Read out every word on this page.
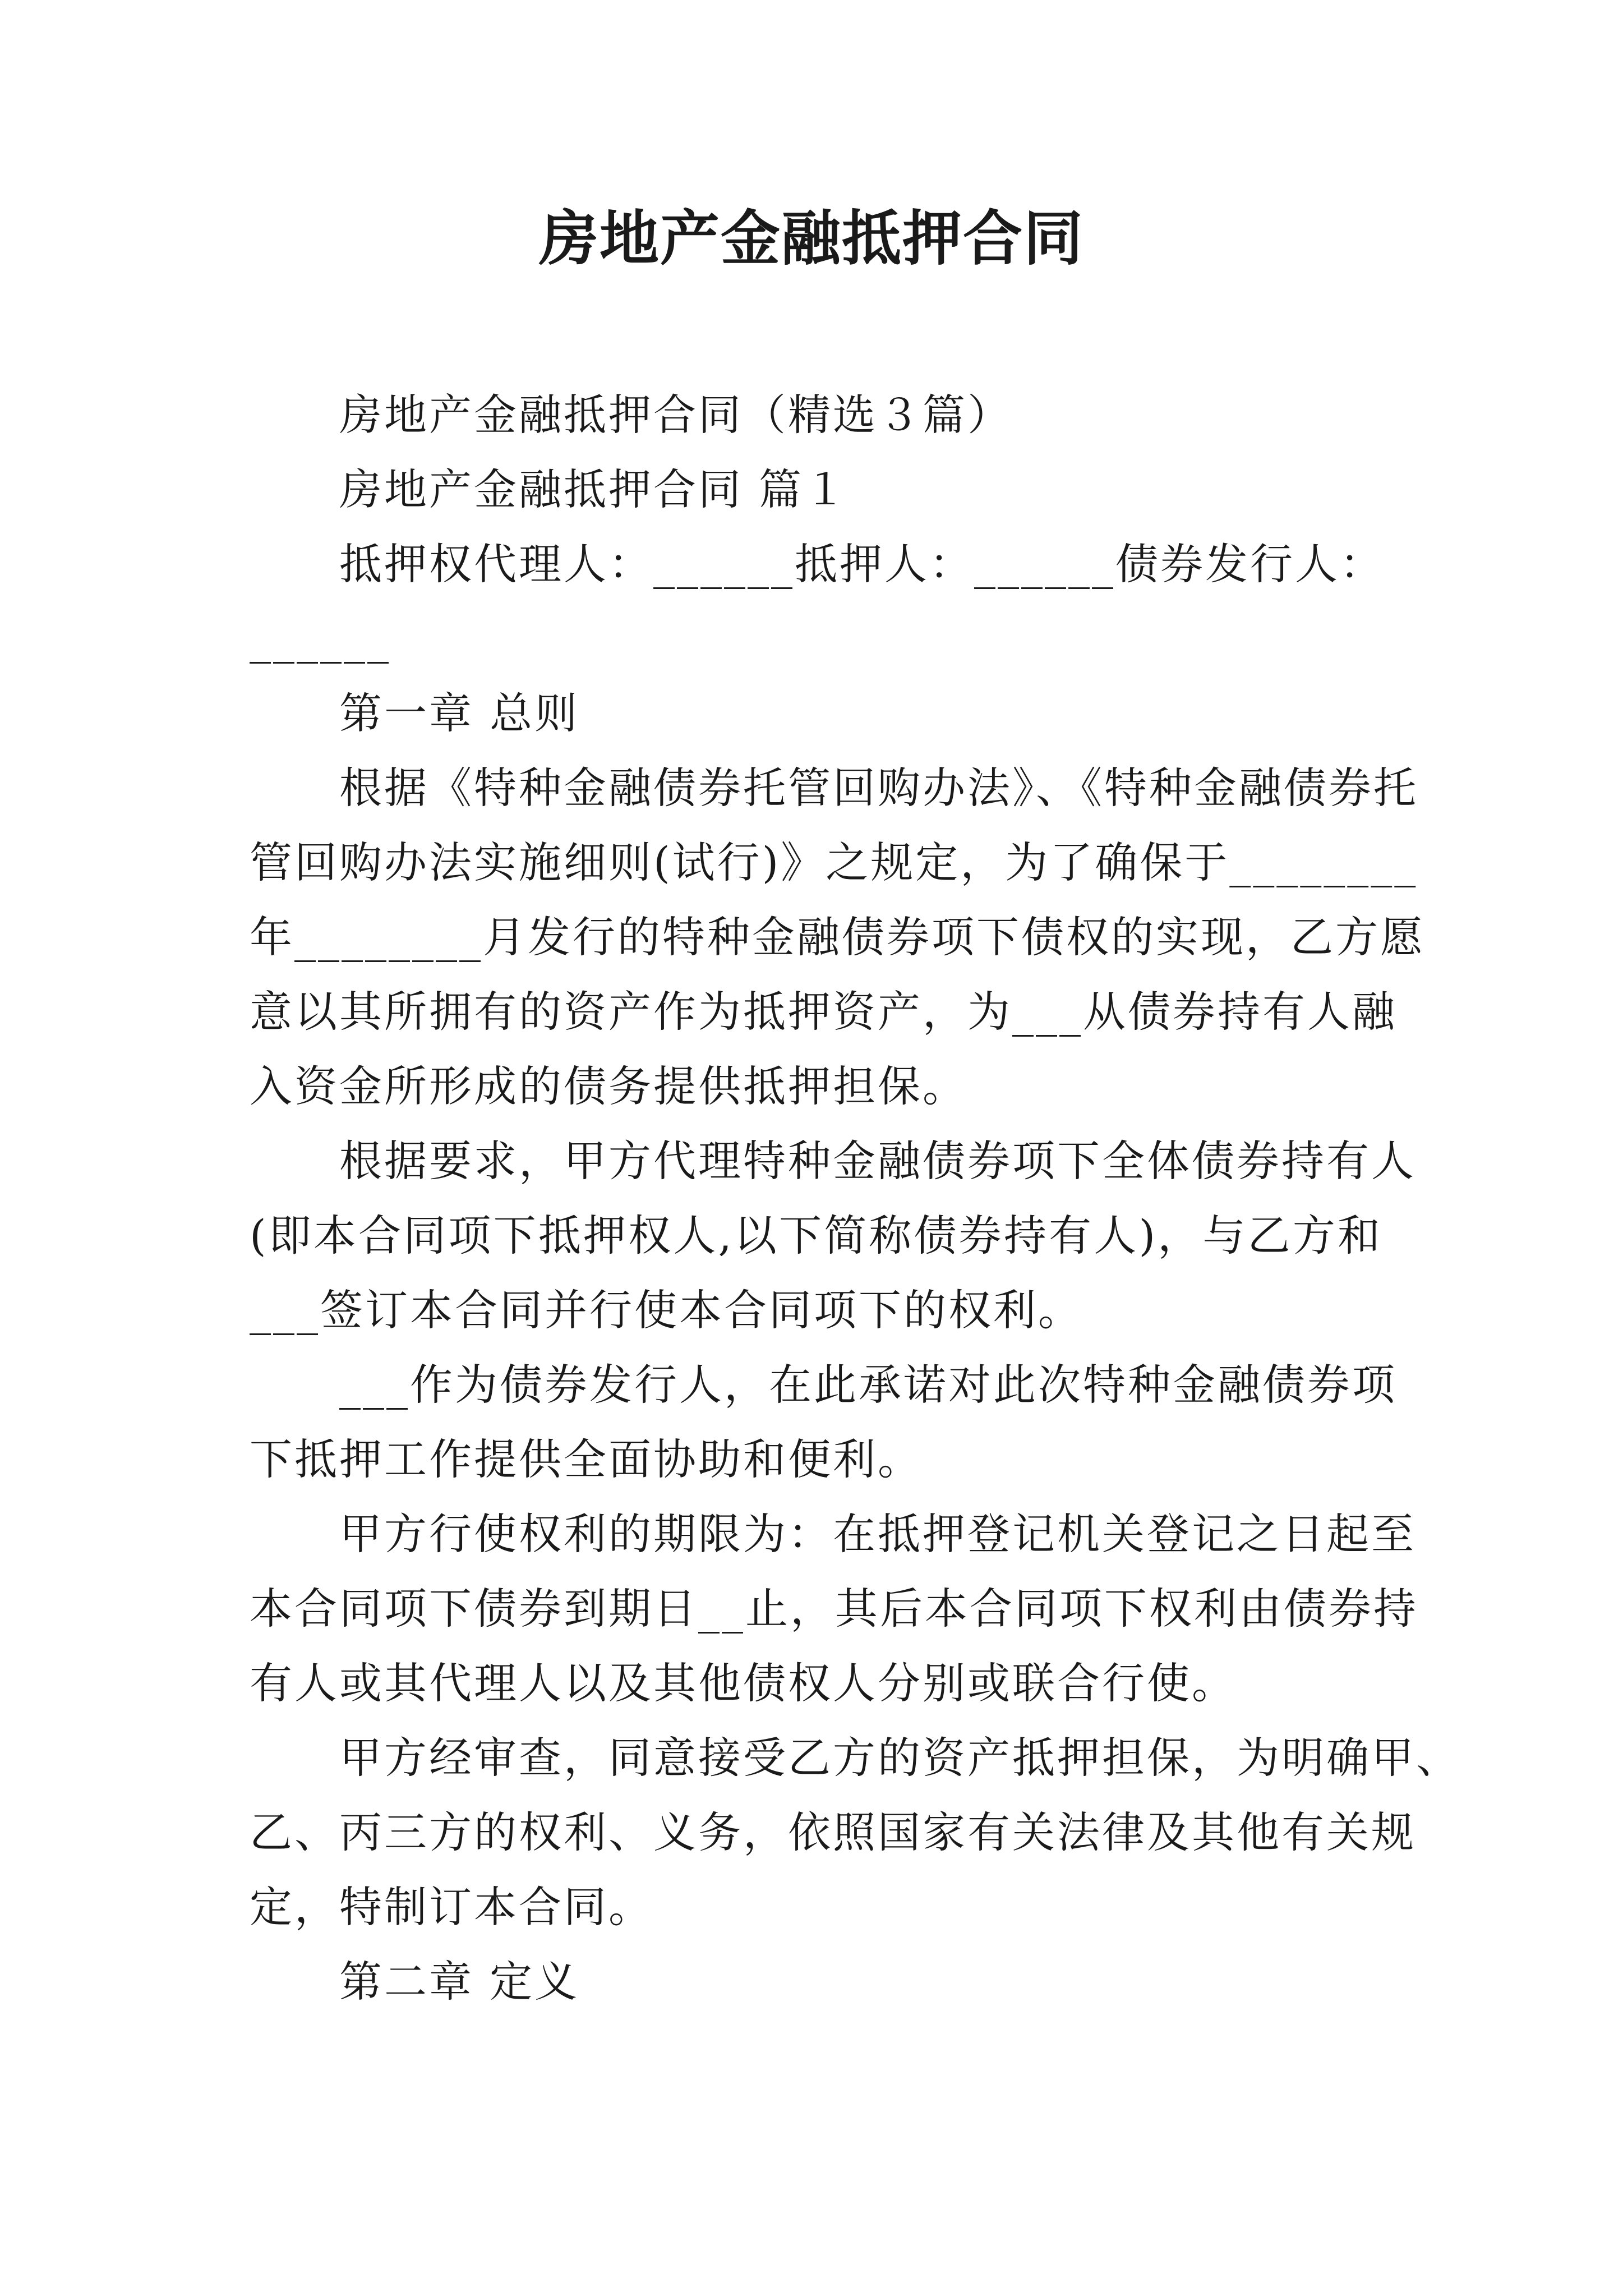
房地产金融抵押合同
房地产金融抵押合同（精选３篇）
房地产金融抵押合同 篇１
抵押权代理人：______抵押人：______债券发行人：
______
第一章 总则
根据《特种金融债券托管回购办法》、《特种金融债券托
管回购办法实施细则(试行)》之规定，为了确保于________
年________月发行的特种金融债券项下债权的实现，乙方愿
意以其所拥有的资产作为抵押资产，为___从债券持有人融
入资金所形成的债务提供抵押担保。
根据要求，甲方代理特种金融债券项下全体债券持有人
(即本合同项下抵押权人,以下简称债券持有人)，与乙方和
___签订本合同并行使本合同项下的权利。
___作为债券发行人，在此承诺对此次特种金融债券项
下抵押工作提供全面协助和便利。
甲方行使权利的期限为：在抵押登记机关登记之日起至
本合同项下债券到期日__止，其后本合同项下权利由债券持
有人或其代理人以及其他债权人分别或联合行使。
甲方经审查，同意接受乙方的资产抵押担保，为明确甲、
乙、丙三方的权利、义务，依照国家有关法律及其他有关规
定，特制订本合同。
第二章 定义
